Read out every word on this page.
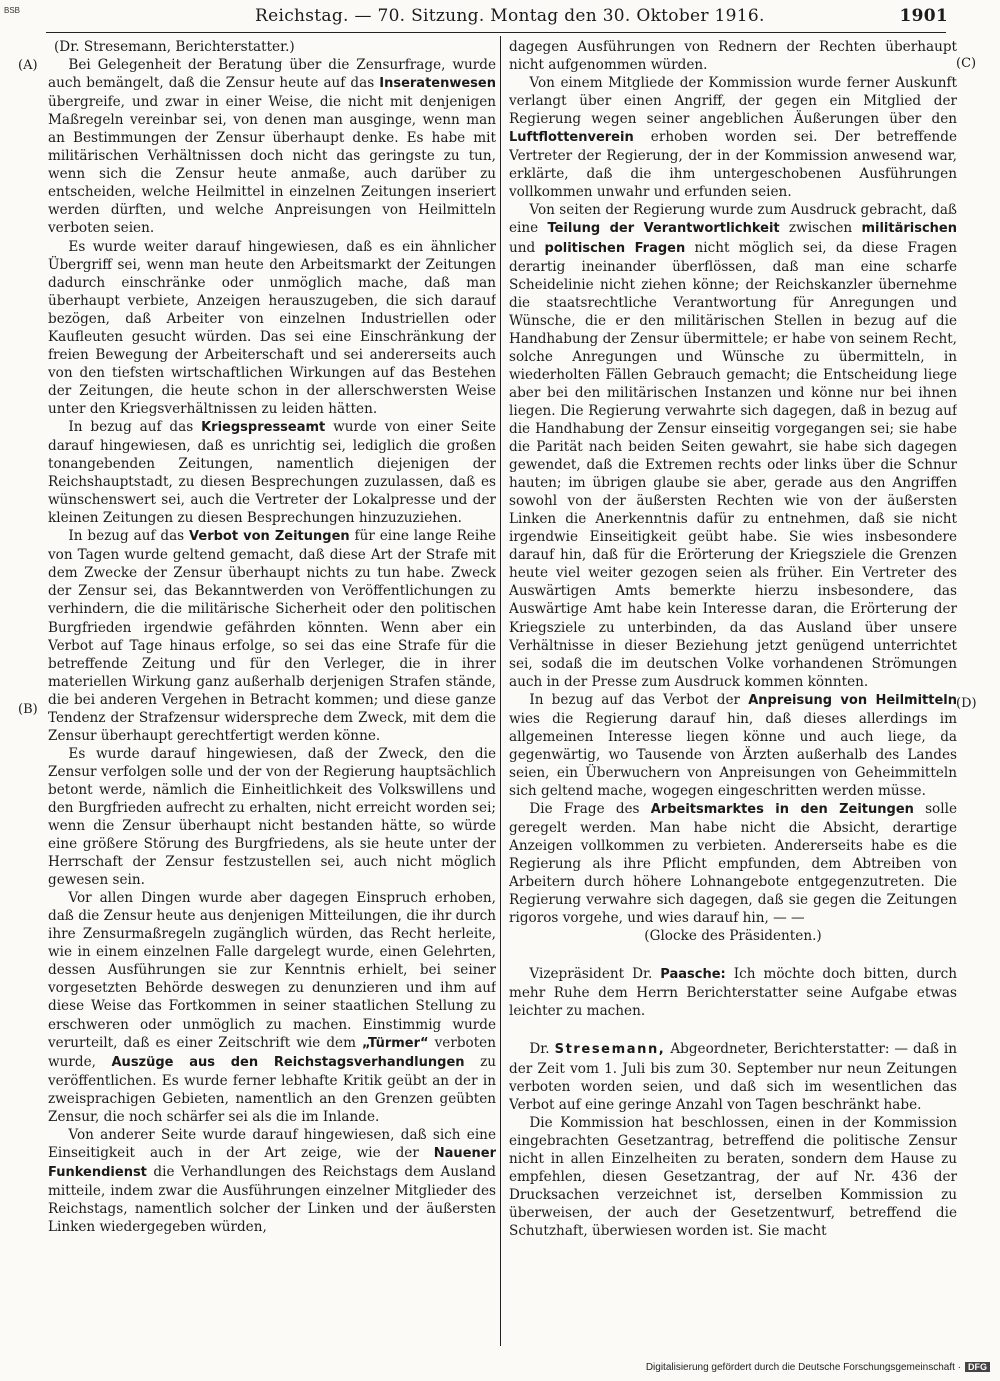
BSB	Reichstag. — 70. Sitzung. Montag den 30. Oktober 1916.	1901
(A)
(B)
(C)
(D)

(Dr. Stresemann, Berichterstatter.)

Bei Gelegenheit der Beratung über die Zensurfrage, wurde auch bemängelt, daß die Zensur heute auf das Inseratenwesen übergreife, und zwar in einer Weise, die nicht mit denjenigen Maßregeln vereinbar sei, von denen man ausginge, wenn man an Bestimmungen der Zensur überhaupt denke. Es habe mit militärischen Verhältnissen doch nicht das geringste zu tun, wenn sich die Zensur heute anmaße, auch darüber zu entscheiden, welche Heilmittel in einzelnen Zeitungen inseriert werden dürften, und welche Anpreisungen von Heilmitteln verboten seien.

Es wurde weiter darauf hingewiesen, daß es ein ähnlicher Übergriff sei, wenn man heute den Arbeitsmarkt der Zeitungen dadurch einschränke oder unmöglich mache, daß man überhaupt verbiete, Anzeigen herauszugeben, die sich darauf bezögen, daß Arbeiter von einzelnen Industriellen oder Kaufleuten gesucht würden. Das sei eine Einschränkung der freien Bewegung der Arbeiterschaft und sei andererseits auch von den tiefsten wirtschaftlichen Wirkungen auf das Bestehen der Zeitungen, die heute schon in der allerschwersten Weise unter den Kriegsverhältnissen zu leiden hätten.

In bezug auf das Kriegspresseamt wurde von einer Seite darauf hingewiesen, daß es unrichtig sei, lediglich die großen tonangebenden Zeitungen, namentlich diejenigen der Reichshauptstadt, zu diesen Besprechungen zuzulassen, daß es wünschenswert sei, auch die Vertreter der Lokalpresse und der kleinen Zeitungen zu diesen Besprechungen hinzuzuziehen.

In bezug auf das Verbot von Zeitungen für eine lange Reihe von Tagen wurde geltend gemacht, daß diese Art der Strafe mit dem Zwecke der Zensur überhaupt nichts zu tun habe. Zweck der Zensur sei, das Bekanntwerden von Veröffentlichungen zu verhindern, die die militärische Sicherheit oder den politischen Burgfrieden irgendwie gefährden könnten. Wenn aber ein Verbot auf Tage hinaus erfolge, so sei das eine Strafe für die betreffende Zeitung und für den Verleger, die in ihrer materiellen Wirkung ganz außerhalb derjenigen Strafen stände, die bei anderen Vergehen in Betracht kommen; und diese ganze Tendenz der Strafzensur widerspreche dem Zweck, mit dem die Zensur überhaupt gerechtfertigt werden könne.

Es wurde darauf hingewiesen, daß der Zweck, den die Zensur verfolgen solle und der von der Regierung hauptsächlich betont werde, nämlich die Einheitlichkeit des Volkswillens und den Burgfrieden aufrecht zu erhalten, nicht erreicht worden sei; wenn die Zensur überhaupt nicht bestanden hätte, so würde eine größere Störung des Burgfriedens, als sie heute unter der Herrschaft der Zensur festzustellen sei, auch nicht möglich gewesen sein.

Vor allen Dingen wurde aber dagegen Einspruch erhoben, daß die Zensur heute aus denjenigen Mitteilungen, die ihr durch ihre Zensurmaßregeln zugänglich würden, das Recht herleite, wie in einem einzelnen Falle dargelegt wurde, einen Gelehrten, dessen Ausführungen sie zur Kenntnis erhielt, bei seiner vorgesetzten Behörde deswegen zu denunzieren und ihm auf diese Weise das Fortkommen in seiner staatlichen Stellung zu erschweren oder unmöglich zu machen. Einstimmig wurde verurteilt, daß es einer Zeitschrift wie dem „Türmer“ verboten wurde, Auszüge aus den Reichstagsverhandlungen zu veröffentlichen. Es wurde ferner lebhafte Kritik geübt an der in zweisprachigen Gebieten, namentlich an den Grenzen geübten Zensur, die noch schärfer sei als die im Inlande.

Von anderer Seite wurde darauf hingewiesen, daß sich eine Einseitigkeit auch in der Art zeige, wie der Nauener Funkendienst die Verhandlungen des Reichstags dem Ausland mitteile, indem zwar die Ausführungen einzelner Mitglieder des Reichstags, namentlich solcher der Linken und der äußersten Linken wiedergegeben würden,

dagegen Ausführungen von Rednern der Rechten überhaupt nicht aufgenommen würden.

Von einem Mitgliede der Kommission wurde ferner Auskunft verlangt über einen Angriff, der gegen ein Mitglied der Regierung wegen seiner angeblichen Äußerungen über den Luftflottenverein erhoben worden sei. Der betreffende Vertreter der Regierung, der in der Kommission anwesend war, erklärte, daß die ihm untergeschobenen Ausführungen vollkommen unwahr und erfunden seien.

Von seiten der Regierung wurde zum Ausdruck gebracht, daß eine Teilung der Verantwortlichkeit zwischen militärischen und politischen Fragen nicht möglich sei, da diese Fragen derartig ineinander überflössen, daß man eine scharfe Scheidelinie nicht ziehen könne; der Reichskanzler übernehme die staatsrechtliche Verantwortung für Anregungen und Wünsche, die er den militärischen Stellen in bezug auf die Handhabung der Zensur übermittele; er habe von seinem Recht, solche Anregungen und Wünsche zu übermitteln, in wiederholten Fällen Gebrauch gemacht; die Entscheidung liege aber bei den militärischen Instanzen und könne nur bei ihnen liegen. Die Regierung verwahrte sich dagegen, daß in bezug auf die Handhabung der Zensur einseitig vorgegangen sei; sie habe die Parität nach beiden Seiten gewahrt, sie habe sich dagegen gewendet, daß die Extremen rechts oder links über die Schnur hauten; im übrigen glaube sie aber, gerade aus den Angriffen sowohl von der äußersten Rechten wie von der äußersten Linken die Anerkenntnis dafür zu entnehmen, daß sie nicht irgendwie Einseitigkeit geübt habe. Sie wies insbesondere darauf hin, daß für die Erörterung der Kriegsziele die Grenzen heute viel weiter gezogen seien als früher. Ein Vertreter des Auswärtigen Amts bemerkte hierzu insbesondere, das Auswärtige Amt habe kein Interesse daran, die Erörterung der Kriegsziele zu unterbinden, da das Ausland über unsere Verhältnisse in dieser Beziehung jetzt genügend unterrichtet sei, sodaß die im deutschen Volke vorhandenen Strömungen auch in der Presse zum Ausdruck kommen könnten.

In bezug auf das Verbot der Anpreisung von Heilmitteln wies die Regierung darauf hin, daß dieses allerdings im allgemeinen Interesse liegen könne und auch liege, da gegenwärtig, wo Tausende von Ärzten außerhalb des Landes seien, ein Überwuchern von Anpreisungen von Geheimmitteln sich geltend mache, wogegen eingeschritten werden müsse.

Die Frage des Arbeitsmarktes in den Zeitungen solle geregelt werden. Man habe nicht die Absicht, derartige Anzeigen vollkommen zu verbieten. Andererseits habe es die Regierung als ihre Pflicht empfunden, dem Abtreiben von Arbeitern durch höhere Lohnangebote entgegenzutreten. Die Regierung verwahre sich dagegen, daß sie gegen die Zeitungen rigoros vorgehe, und wies darauf hin, — —

(Glocke des Präsidenten.)

Vizepräsident Dr. Paasche: Ich möchte doch bitten, durch mehr Ruhe dem Herrn Berichterstatter seine Aufgabe etwas leichter zu machen.

Dr. Stresemann, Abgeordneter, Berichterstatter: — daß in der Zeit vom 1. Juli bis zum 30. September nur neun Zeitungen verboten worden seien, und daß sich im wesentlichen das Verbot auf eine geringe Anzahl von Tagen beschränkt habe.

Die Kommission hat beschlossen, einen in der Kommission eingebrachten Gesetzantrag, betreffend die politische Zensur nicht in allen Einzelheiten zu beraten, sondern dem Hause zu empfehlen, diesen Gesetzantrag, der auf Nr. 436 der Drucksachen verzeichnet ist, derselben Kommission zu überweisen, der auch der Gesetzentwurf, betreffend die Schutzhaft, überwiesen worden ist. Sie macht

Digitalisierung gefördert durch die Deutsche Forschungsgemeinschaft · DFG
